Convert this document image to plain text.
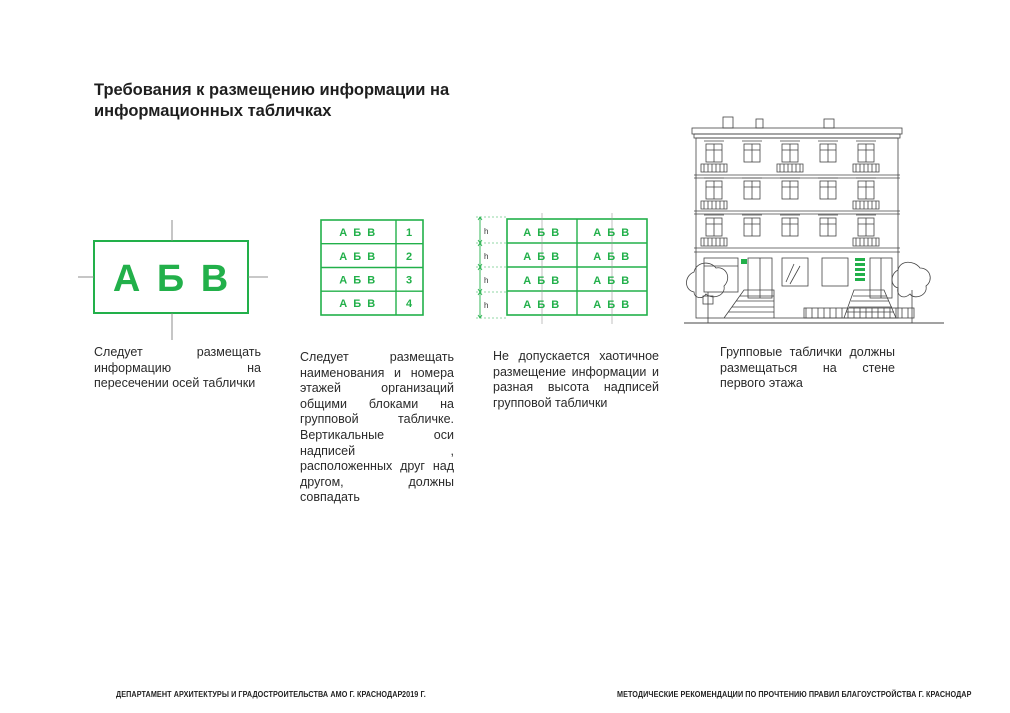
Требования к размещению информации на
информационных табличках
А Б В
А Б В	1
А Б В	2
А Б В	3
А Б В	4
h
h
h
h
А Б В	А Б В
А Б В	А Б В
А Б В	А Б В
А Б В	А Б В
Следует размещать информацию на пересечении осей таблички
Следует размещать наименования и номера этажей организаций общими блоками на групповой табличке. Вертикальные оси надписей , расположенных друг над другом, должны совпадать
Не допускается хаотичное размещение информации и разная высота надписей групповой таблички
Групповые таблички должны размещаться на стене первого этажа
ДЕПАРТАМЕНТ АРХИТЕКТУРЫ И ГРАДОСТРОИТЕЛЬСТВА АМО Г. КРАСНОДАР 2019 Г.	МЕТОДИЧЕСКИЕ РЕКОМЕНДАЦИИ ПО ПРОЧТЕНИЮ ПРАВИЛ БЛАГОУСТРОЙСТВА Г. КРАСНОДАР
